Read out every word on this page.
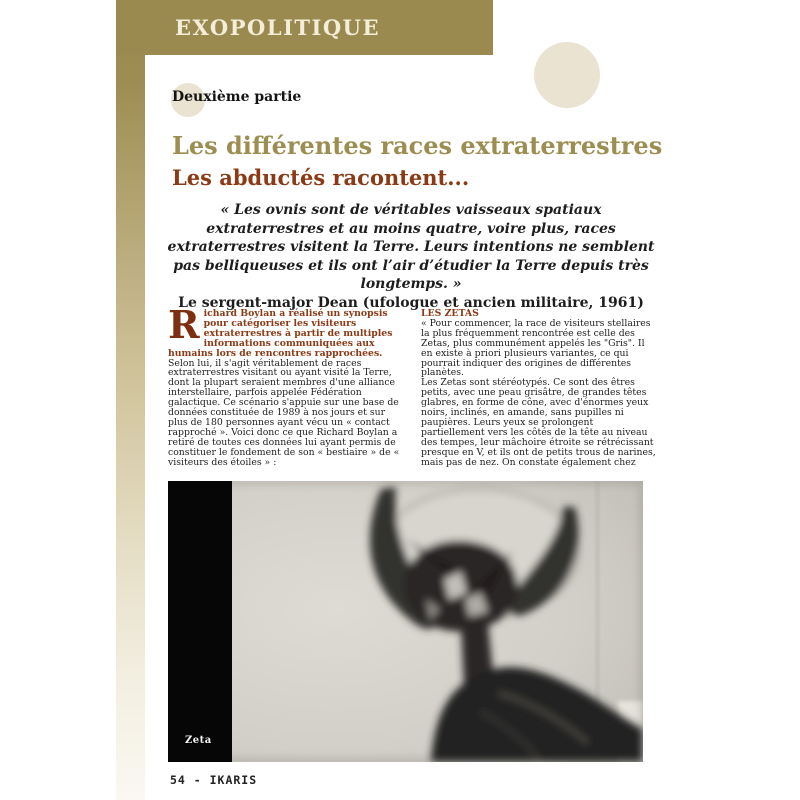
EXOPOLITIQUE
Deuxième partie
Les différentes races extraterrestres
Les abductés racontent...
« Les ovnis sont de véritables vaisseaux spatiaux extraterrestres et au moins quatre, voire plus, races extraterrestres visitent la Terre. Leurs intentions ne semblent pas belliqueuses et ils ont l’air d’étudier la Terre depuis très longtemps. »
Le sergent-major Dean (ufologue et ancien militaire, 1961)

Richard Boylan a réalisé un synopsis pour catégoriser les visiteurs extraterrestres à partir de multiples informations communiquées aux humains lors de rencontres rapprochées.

Selon lui, il s'agit véritablement de races extraterrestres visitant ou ayant visité la Terre, dont la plupart seraient membres d'une alliance interstellaire, parfois appelée Fédération galactique. Ce scénario s'appuie sur une base de données constituée de 1989 à nos jours et sur plus de 180 personnes ayant vécu un « contact rapproché ». Voici donc ce que Richard Boylan a retiré de toutes ces données lui ayant permis de constituer le fondement de son « bestiaire » de « visiteurs des étoiles » :

LES ZETAS

« Pour commencer, la race de visiteurs stellaires la plus fréquemment rencontrée est celle des Zetas, plus communément appelés les "Gris". Il en existe à priori plusieurs variantes, ce qui pourrait indiquer des origines de différentes planètes.

Les Zetas sont stéréotypés. Ce sont des êtres petits, avec une peau grisâtre, de grandes têtes glabres, en forme de cône, avec d'énormes yeux noirs, inclinés, en amande, sans pupilles ni paupières. Leurs yeux se prolongent partiellement vers les côtés de la tête au niveau des tempes, leur mâchoire étroite se rétrécissant presque en V, et ils ont de petits trous de narines, mais pas de nez. On constate également chez

Zeta
54 - IKARIS
